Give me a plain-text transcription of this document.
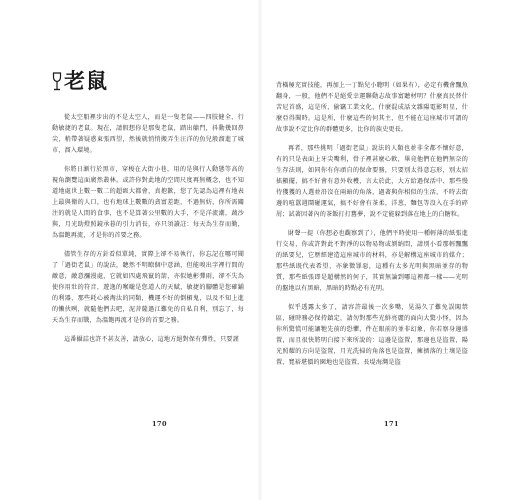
老鼠

從太空船裡步出的不是太空人，而是一隻老鼠——四肢健全、行動敏捷的老鼠。現在，請假想你是那隻老鼠，踏出艙門，抖動幾回鼻尖，稍帶著疑惑東張西望，然後就悄悄搬弄生汪洋的魚兒般溜進了城市，溜入環境。

你將日漸行於黑市，穿梭在大街小巷，用的是與行人動態等高的視角瀏覽這面廣然叢林。或許你對此地的空間尺度再無概念，也不知道地處世上數一數二的超級大都會，真抱歉，您了先認為這裡有地表上最與衛的人口，也有地球上數數的貪富差距，不過無妨，你所需關注的就是人間的食事，也不是算著公里數的大手，不是洋流潮，蔬沙與，月光助燈照鏡承暮的引力消長，亦只須讀註：每天為生存而勤，為溫飽再流，才是你的首要之務。

儘管生存的方針看似單純，實際上卻不易執行，你忘記在哪可聞了「過街老鼠」的說法，聽然不明瞭個中意涵，但能嗅出字裡行間的敵意，敵意瀰漫處，它就如四處飛竄的箭，亦似她彬彈雨，卻不失為使你用壯的符音，遊逸的喉嚨是您道人的天賦，敏捷的腳體是您確鋪的利器，那些耗心被淘汰的同類，機運不好的倒楣鬼，以及不知上進的懶伙咧，就隨他們去吧，泥菩薩過江難免的自私自利，別忘了，每天為生存而戰，為溫飽再流才是你的首要之務。

這番攝詰也許不甚友善，請放心，這地方絕對保有彈性，只要謹

背橫極充實技能，再加上一丁點兒小聰明（如果有），必定有機會飄魚翻身，一般，他們不是絕愛幸運聯動志故事富聽材明？什麼真民替什苦尼首盛，這是所，偷竊工業文化，什麼混成話文雜陽電影明星，什麼亞得聞時。這是所，什麼這些的何其主，但不能在這座城市可謂的故事說不定比你的群體更多，比你的族史更長。

再者，那些挑明「過街老鼠」說法的人類也並非全都不懷好意，有的只是表面上牙尖嘴利，骨子裡甚麼心軟，畢竟他們在他們無奈的生存法則，如同你有你頑自的保命要務，只要別太得意忘形，別太招搖顯擺，搞不好會有意外收穫，言太於此，大方給過保活中、那些慢待獲獲的人選並沿沒在兩暗的角落，過著與你相似的生活，不時去街邊的喧囂週鬧碰運氣，搞不好會有茶柔，洋葱，麵包等沒入在手的碎屑；試著因著內的茶飯打打舊夢，說不定能躲到落在地上的白糖粒。

財聲一提（你想必也觀察到了），他們平時使用一種輕薄的紙張進行交易，你或許對此不對淨的以物易物或剝納問，請別小看那輕飄飄的紙要兒，它歷經建造這座城市的材料，亦是解構這座城市的媒介；那些紙既代表希望，亦象徵罪惡，這種有太多光明與黑暗並存的物質，那些紙張即是超構然的何子，其實無論到哪這裡都一樣——光明的盤地以有黑暗，黑暗的時點必有光明。

似乎透露太多了，請容許最後一次多嘴，晃湯久了難免誤闖禁區，碰時務必保持鎮定，請勿對那些光鮮亮麗的面向大驚小怪，因為你所驚慌可能讓牠先前的恐懼，件在眼前的並非幻象，你若察身邊盛置，而且很快將明白接下來所說的：這邊是盜置，那邊也是盜置，陽光照耀的方向是盜置，月光洗掃的角落也是盜置，擁擠落的土壤是盜置，寬裕堪價的園地也是盜置，長堤海灣是盜

170	171
